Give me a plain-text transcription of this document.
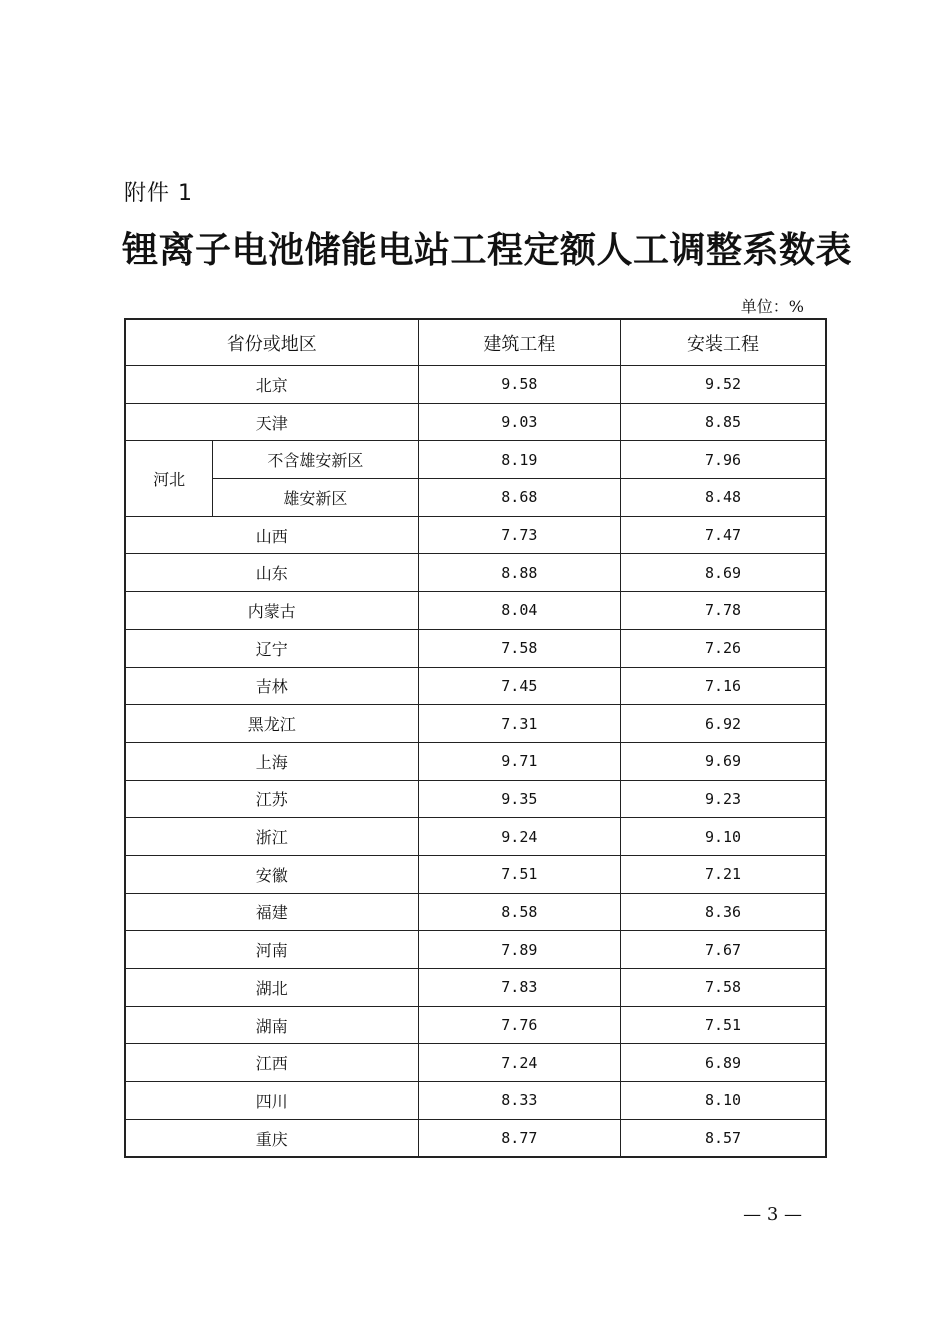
附件 1
锂离子电池储能电站工程定额人工调整系数表
单位：%
省份或地区		建筑工程	安装工程
北京		9.58	9.52
天津		9.03	8.85
河北	不含雄安新区	8.19	7.96
	雄安新区	8.68	8.48
山西		7.73	7.47
山东		8.88	8.69
内蒙古		8.04	7.78
辽宁		7.58	7.26
吉林		7.45	7.16
黑龙江		7.31	6.92
上海		9.71	9.69
江苏		9.35	9.23
浙江		9.24	9.10
安徽		7.51	7.21
福建		8.58	8.36
河南		7.89	7.67
湖北		7.83	7.58
湖南		7.76	7.51
江西		7.24	6.89
四川		8.33	8.10
重庆		8.77	8.57
— 3 —
